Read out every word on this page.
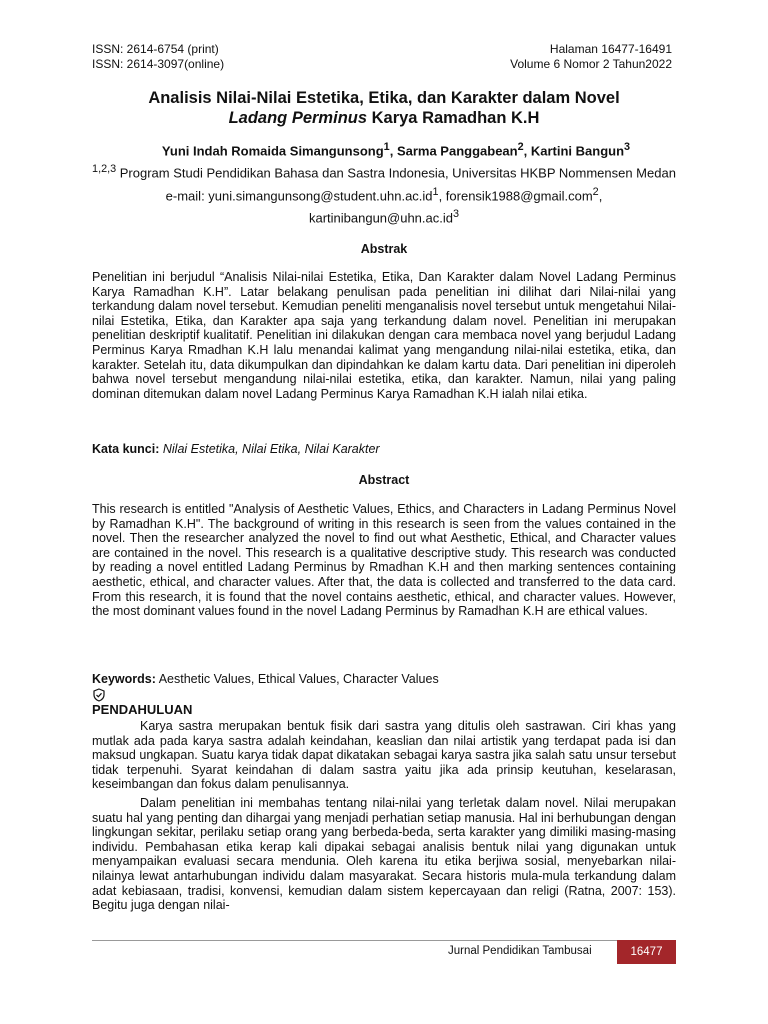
ISSN: 2614-6754 (print)
ISSN: 2614-3097(online)
Halaman 16477-16491
Volume 6 Nomor 2 Tahun2022
Analisis Nilai-Nilai Estetika, Etika, dan Karakter dalam Novel
Ladang Perminus Karya Ramadhan K.H
Yuni Indah Romaida Simangunsong$^1$, Sarma Panggabean$^2$, Kartini Bangun$^3$
$^{1,2,3}$ Program Studi Pendidikan Bahasa dan Sastra Indonesia, Universitas HKBP Nommensen Medan
e-mail: $yuni.simangunsong@student.uhn.ac.id^1$, forensik1988@gmail.com$^2$,
$kartinibangun@uhn.ac.id^3$
Abstrak

Penelitian ini berjudul “Analisis Nilai-nilai Estetika, Etika, Dan Karakter dalam Novel Ladang Perminus Karya Ramadhan K.H”. Latar belakang penulisan pada penelitian ini dilihat dari Nilai-nilai yang terkandung dalam novel tersebut. Kemudian peneliti menganalisis novel tersebut untuk mengetahui Nilai-nilai Estetika, Etika, dan Karakter apa saja yang terkandung dalam novel. Penelitian ini merupakan penelitian deskriptif kualitatif. Penelitian ini dilakukan dengan cara membaca novel yang berjudul Ladang Perminus Karya Rmadhan K.H lalu menandai kalimat yang mengandung nilai-nilai estetika, etika, dan karakter. Setelah itu, data dikumpulkan dan dipindahkan ke dalam kartu data. Dari penelitian ini diperoleh bahwa novel tersebut mengandung nilai-nilai estetika, etika, dan karakter. Namun, nilai yang paling dominan ditemukan dalam novel Ladang Perminus Karya Ramadhan K.H ialah nilai etika.

Kata kunci: Nilai Estetika, Nilai Etika, Nilai Karakter
Abstract

This research is entitled "Analysis of Aesthetic Values, Ethics, and Characters in Ladang Perminus Novel by Ramadhan K.H". The background of writing in this research is seen from the values contained in the novel. Then the researcher analyzed the novel to find out what Aesthetic, Ethical, and Character values are contained in the novel. This research is a qualitative descriptive study. This research was conducted by reading a novel entitled Ladang Perminus by Rmadhan K.H and then marking sentences containing aesthetic, ethical, and character values. After that, the data is collected and transferred to the data card. From this research, it is found that the novel contains aesthetic, ethical, and character values. However, the most dominant values found in the novel Ladang Perminus by Ramadhan K.H are ethical values.

Keywords: Aesthetic Values, Ethical Values, Character Values
PENDAHULUAN

Karya sastra merupakan bentuk fisik dari sastra yang ditulis oleh sastrawan. Ciri khas yang mutlak ada pada karya sastra adalah keindahan, keaslian dan nilai artistik yang terdapat pada isi dan maksud ungkapan. Suatu karya tidak dapat dikatakan sebagai karya sastra jika salah satu unsur tersebut tidak terpenuhi. Syarat keindahan di dalam sastra yaitu jika ada prinsip keutuhan, keselarasan, keseimbangan dan fokus dalam penulisannya.

Dalam penelitian ini membahas tentang nilai-nilai yang terletak dalam novel. Nilai merupakan suatu hal yang penting dan dihargai yang menjadi perhatian setiap manusia. Hal ini berhubungan dengan lingkungan sekitar, perilaku setiap orang yang berbeda-beda, serta karakter yang dimiliki masing-masing individu. Pembahasan etika kerap kali dipakai sebagai analisis bentuk nilai yang digunakan untuk menyampaikan evaluasi secara mendunia. Oleh karena itu etika berjiwa sosial, menyebarkan nilai-nilainya lewat antarhubungan individu dalam masyarakat. Secara historis mula-mula terkandung dalam adat kebiasaan, tradisi, konvensi, kemudian dalam sistem kepercayaan dan religi (Ratna, 2007: 153). Begitu juga dengan nilai-

Jurnal Pendidikan Tambusai	16477
